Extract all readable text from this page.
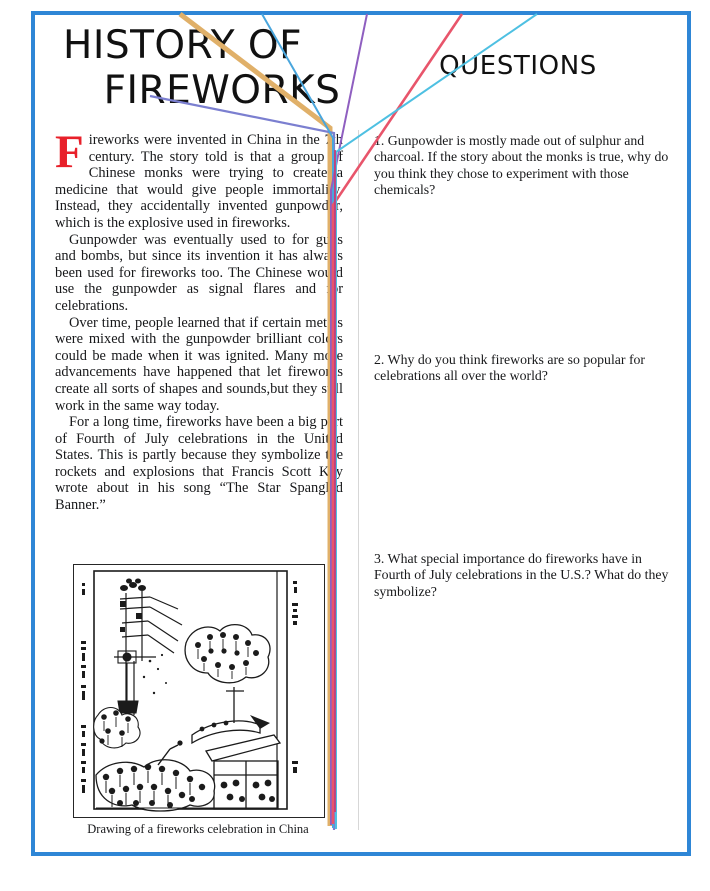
HISTORY OF
FIREWORKS
QUESTIONS

Fireworks were invented in China in the 7th century. The story told is that a group of Chinese monks were trying to create a medicine that would give people immortality. Instead, they accidentally invented gunpowder, which is the explosive used in fireworks.

Gunpowder was eventually used to for guns and bombs, but since its invention it has always been used for fireworks too. The Chinese would use the gunpowder as signal flares and for celebrations.

Over time, people learned that if certain metals were mixed with the gunpowder brilliant colors could be made when it was ignited. Many more advancements have happened that let fireworks create all sorts of shapes and sounds,but they still work in the same way today.

For a long time, fireworks have been a big part of Fourth of July celebrations in the United States. This is partly because they symbolize the rockets and explosions that Francis Scott Key wrote about in his song “The Star Spangled Banner.”

Drawing of a fireworks celebration in China
1. Gunpowder is mostly made out of sulphur and charcoal. If the story about the monks is true, why do you think they chose to experiment with those chemicals?
2. Why do you think fireworks are so popular for celebrations all over the world?
3. What special importance do fireworks have in Fourth of July celebrations in the U.S.? What do they symbolize?
